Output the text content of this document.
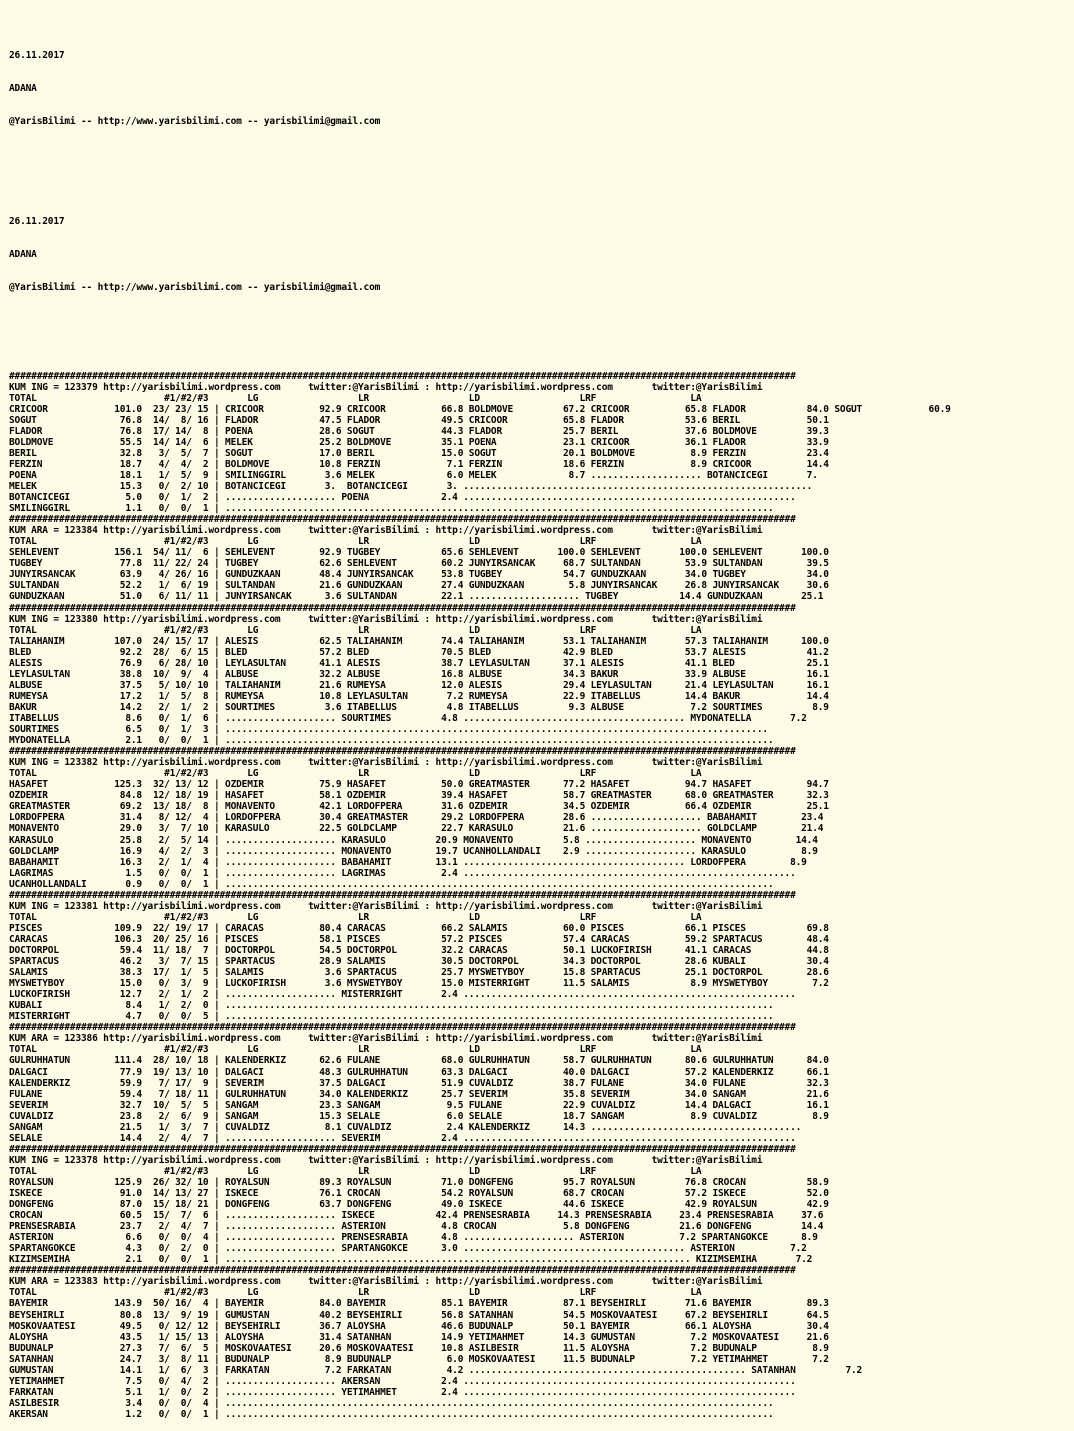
26.11.2017

ADANA

@YarisBilimi -- http://www.yarisbilimi.com -- yarisbilimi@gmail.com

26.11.2017

ADANA

@YarisBilimi -- http://www.yarisbilimi.com -- yarisbilimi@gmail.com

##############################################################################################################################################
KUM ING = 123379 http://yarisbilimi.wordpress.com     twitter:@YarisBilimi : http://yarisbilimi.wordpress.com       twitter:@YarisBilimi
TOTAL                       #1/#2/#3       LG                  LR                  LD                  LRF                 LA
CRICOOR            101.0  23/ 23/ 15 | CRICOOR          92.9 CRICOOR          66.8 BOLDMOVE         67.2 CRICOOR          65.8 FLADOR           84.0 SOGUT            60.9
SOGUT               76.8  14/  8/ 16 | FLADOR           47.5 FLADOR           49.5 CRICOOR          65.8 FLADOR           53.6 BERIL            50.1
FLADOR              76.8  17/ 14/  8 | POENA            28.6 SOGUT            44.3 FLADOR           25.7 BERIL            37.6 BOLDMOVE         39.3
BOLDMOVE            55.5  14/ 14/  6 | MELEK            25.2 BOLDMOVE         35.1 POENA            23.1 CRICOOR          36.1 FLADOR           33.9
BERIL               32.8   3/  5/  7 | SOGUT            17.0 BERIL            15.0 SOGUT            20.1 BOLDMOVE          8.9 FERZIN           23.4
FERZIN              18.7   4/  4/  2 | BOLDMOVE         10.8 FERZIN            7.1 FERZIN           18.6 FERZIN            8.9 CRICOOR          14.4
POENA               18.1   1/  5/  9 | SMILINGGIRL       3.6 MELEK             6.0 MELEK             8.7 .................... BOTANCICEGI       7.
MELEK               15.3   0/  2/ 10 | BOTANCICEGI       3.  BOTANCICEGI       3. ...............................................................
BOTANCICEGI          5.0   0/  1/  2 | .................... POENA             2.4 ............................................................
SMILINGGIRL          1.1   0/  0/  1 | ...................................................................................................
##############################################################################################################################################
KUM ARA = 123384 http://yarisbilimi.wordpress.com     twitter:@YarisBilimi : http://yarisbilimi.wordpress.com       twitter:@YarisBilimi
TOTAL                       #1/#2/#3       LG                  LR                  LD                  LRF                 LA
SEHLEVENT          156.1  54/ 11/  6 | SEHLEVENT        92.9 TUGBEY           65.6 SEHLEVENT       100.0 SEHLEVENT       100.0 SEHLEVENT       100.0
TUGBEY              77.8  11/ 22/ 24 | TUGBEY           62.6 SEHLEVENT        60.2 JUNYIRSANCAK     68.7 SULTANDAN        53.9 SULTANDAN        39.5
JUNYIRSANCAK        63.9   4/ 26/ 16 | GUNDUZKAAN       48.4 JUNYIRSANCAK     53.8 TUGBEY           54.7 GUNDUZKAAN       34.0 TUGBEY           34.0
SULTANDAN           52.2   1/  6/ 19 | SULTANDAN        21.6 GUNDUZKAAN       27.4 GUNDUZKAAN        5.8 JUNYIRSANCAK     26.8 JUNYIRSANCAK     30.6
GUNDUZKAAN          51.0   6/ 11/ 11 | JUNYIRSANCAK      3.6 SULTANDAN        22.1 .................... TUGBEY           14.4 GUNDUZKAAN       25.1
##############################################################################################################################################
KUM ING = 123380 http://yarisbilimi.wordpress.com     twitter:@YarisBilimi : http://yarisbilimi.wordpress.com       twitter:@YarisBilimi
TOTAL                       #1/#2/#3       LG                  LR                  LD                  LRF                 LA
TALIAHANIM         107.0  24/ 15/ 17 | ALESIS           62.5 TALIAHANIM       74.4 TALIAHANIM       53.1 TALIAHANIM       57.3 TALIAHANIM      100.0
BLED                92.2  28/  6/ 15 | BLED             57.2 BLED             70.5 BLED             42.9 BLED             53.7 ALESIS           41.2
ALESIS              76.9   6/ 28/ 10 | LEYLASULTAN      41.1 ALESIS           38.7 LEYLASULTAN      37.1 ALESIS           41.1 BLED             25.1
LEYLASULTAN         38.8  10/  9/  4 | ALBUSE           32.2 ALBUSE           16.8 ALBUSE           34.3 BAKUR            33.9 ALBUSE           16.1
ALBUSE              37.5   5/ 10/ 10 | TALIAHANIM       21.6 RUMEYSA          12.0 ALESIS           29.4 LEYLASULTAN      21.4 LEYLASULTAN      16.1
RUMEYSA             17.2   1/  5/  8 | RUMEYSA          10.8 LEYLASULTAN       7.2 RUMEYSA          22.9 ITABELLUS        14.4 BAKUR            14.4
BAKUR               14.2   2/  1/  2 | SOURTIMES         3.6 ITABELLUS         4.8 ITABELLUS         9.3 ALBUSE            7.2 SOURTIMES         8.9
ITABELLUS            8.6   0/  1/  6 | .................... SOURTIMES         4.8 ........................................ MYDONATELLA       7.2
SOURTIMES            6.5   0/  1/  3 | ..................................................................................................
MYDONATELLA          2.1   0/  0/  1 | ...................................................................................................
##############################################################################################################################################
KUM ING = 123382 http://yarisbilimi.wordpress.com     twitter:@YarisBilimi : http://yarisbilimi.wordpress.com       twitter:@YarisBilimi
TOTAL                       #1/#2/#3       LG                  LR                  LD                  LRF                 LA
HASAFET            125.3  32/ 13/ 12 | OZDEMIR          75.9 HASAFET          50.0 GREATMASTER      77.2 HASAFET          94.7 HASAFET          94.7
OZDEMIR             84.8  12/ 18/ 19 | HASAFET          58.1 OZDEMIR          39.4 HASAFET          58.7 GREATMASTER      68.0 GREATMASTER      32.3
GREATMASTER         69.2  13/ 18/  8 | MONAVENTO        42.1 LORDOFPERA       31.6 OZDEMIR          34.5 OZDEMIR          66.4 OZDEMIR          25.1
LORDOFPERA          31.4   8/ 12/  4 | LORDOFPERA       30.4 GREATMASTER      29.2 LORDOFPERA       28.6 .................... BABAHAMIT        23.4
MONAVENTO           29.0   3/  7/ 10 | KARASULO         22.5 GOLDCLAMP        22.7 KARASULO         21.6 .................... GOLDCLAMP        21.4
KARASULO            25.8   2/  5/ 14 | .................... KARASULO         20.9 MONAVENTO         5.8 .................... MONAVENTO        14.4
GOLDCLAMP           16.9   4/  2/  3 | .................... MONAVENTO        19.7 UCANHOLLANDALI    2.9 .................... KARASULO          8.9
BABAHAMIT           16.3   2/  1/  4 | .................... BABAHAMIT        13.1 ........................................ LORDOFPERA        8.9
LAGRIMAS             1.5   0/  0/  1 | .................... LAGRIMAS          2.4 ............................................................
UCANHOLLANDALI       0.9   0/  0/  1 | ...................................................................................................
##############################################################################################################################################
KUM ING = 123381 http://yarisbilimi.wordpress.com     twitter:@YarisBilimi : http://yarisbilimi.wordpress.com       twitter:@YarisBilimi
TOTAL                       #1/#2/#3       LG                  LR                  LD                  LRF                 LA
PISCES             109.9  22/ 19/ 17 | CARACAS          80.4 CARACAS          66.2 SALAMIS          60.0 PISCES           66.1 PISCES           69.8
CARACAS            106.3  20/ 25/ 16 | PISCES           58.1 PISCES           57.2 PISCES           57.4 CARACAS          59.2 SPARTACUS        48.4
DOCTORPOL           59.4  11/ 18/  7 | DOCTORPOL        54.5 DOCTORPOL        32.2 CARACAS          50.1 LUCKOFIRISH      41.1 CARACAS          44.8
SPARTACUS           46.2   3/  7/ 15 | SPARTACUS        28.9 SALAMIS          30.5 DOCTORPOL        34.3 DOCTORPOL        28.6 KUBALI           30.4
SALAMIS             38.3  17/  1/  5 | SALAMIS           3.6 SPARTACUS        25.7 MYSWETYBOY       15.8 SPARTACUS        25.1 DOCTORPOL        28.6
MYSWETYBOY          15.0   0/  3/  9 | LUCKOFIRISH       3.6 MYSWETYBOY       15.0 MISTERRIGHT      11.5 SALAMIS           8.9 MYSWETYBOY        7.2
LUCKOFIRISH         12.7   2/  1/  2 | .................... MISTERRIGHT       2.4 ............................................................
KUBALI               8.4   1/  2/  0 | ...................................................................................................
MISTERRIGHT          4.7   0/  0/  5 | ...................................................................................................
##############################################################################################################################################
KUM ARA = 123386 http://yarisbilimi.wordpress.com     twitter:@YarisBilimi : http://yarisbilimi.wordpress.com       twitter:@YarisBilimi
TOTAL                       #1/#2/#3       LG                  LR                  LD                  LRF                 LA
GULRUHHATUN        111.4  28/ 10/ 18 | KALENDERKIZ      62.6 FULANE           68.0 GULRUHHATUN      58.7 GULRUHHATUN      80.6 GULRUHHATUN      84.0
DALGACI             77.9  19/ 13/ 10 | DALGACI          48.3 GULRUHHATUN      63.3 DALGACI          40.0 DALGACI          57.2 KALENDERKIZ      66.1
KALENDERKIZ         59.9   7/ 17/  9 | SEVERIM          37.5 DALGACI          51.9 CUVALDIZ         38.7 FULANE           34.0 FULANE           32.3
FULANE              59.4   7/ 18/ 11 | GULRUHHATUN      34.0 KALENDERKIZ      25.7 SEVERIM          35.8 SEVERIM          34.0 SANGAM           21.6
SEVERIM             32.7  10/  5/  5 | SANGAM           23.3 SANGAM            9.5 FULANE           22.9 CUVALDIZ         14.4 DALGACI          16.1
CUVALDIZ            23.8   2/  6/  9 | SANGAM           15.3 SELALE            6.0 SELALE           18.7 SANGAM            8.9 CUVALDIZ          8.9
SANGAM              21.5   1/  3/  7 | CUVALDIZ          8.1 CUVALDIZ          2.4 KALENDERKIZ      14.3 ......................................
SELALE              14.4   2/  4/  7 | .................... SEVERIM           2.4 ............................................................
##############################################################################################################################################
KUM ING = 123378 http://yarisbilimi.wordpress.com     twitter:@YarisBilimi : http://yarisbilimi.wordpress.com       twitter:@YarisBilimi
TOTAL                       #1/#2/#3       LG                  LR                  LD                  LRF                 LA
ROYALSUN           125.9  26/ 32/ 10 | ROYALSUN         89.3 ROYALSUN         71.0 DONGFENG         95.7 ROYALSUN         76.8 CROCAN           58.9
ISKECE              91.0  14/ 13/ 27 | ISKECE           76.1 CROCAN           54.2 ROYALSUN         68.7 CROCAN           57.2 ISKECE           52.0
DONGFENG            87.0  15/ 18/ 21 | DONGFENG         63.7 DONGFENG         49.0 ISKECE           44.6 ISKECE           42.9 ROYALSUN         42.9
CROCAN              60.5  15/  7/  6 | .................... ISKECE           42.4 PRENSESRABIA     14.3 PRENSESRABIA     23.4 PRENSESRABIA     37.6
PRENSESRABIA        23.7   2/  4/  7 | .................... ASTERION          4.8 CROCAN            5.8 DONGFENG         21.6 DONGFENG         14.4
ASTERION             6.6   0/  0/  4 | .................... PRENSESRABIA      4.8 .................... ASTERION          7.2 SPARTANGOKCE      8.9
SPARTANGOKCE         4.3   0/  2/  0 | .................... SPARTANGOKCE      3.0 ........................................ ASTERION          7.2
KIZIMSEMIHA          2.1   0/  0/  1 | .................................................................................... KIZIMSEMIHA       7.2
##############################################################################################################################################
KUM ARA = 123383 http://yarisbilimi.wordpress.com     twitter:@YarisBilimi : http://yarisbilimi.wordpress.com       twitter:@YarisBilimi
TOTAL                       #1/#2/#3       LG                  LR                  LD                  LRF                 LA
BAYEMIR            143.9  50/ 16/  4 | BAYEMIR          84.0 BAYEMIR          85.1 BAYEMIR          87.1 BEYSEHIRLI       71.6 BAYEMIR          89.3
BEYSEHIRLI          80.8  13/  9/ 19 | GUMUSTAN         40.2 BEYSEHIRLI       56.8 SATANHAN         54.5 MOSKOVAATESI     67.2 BEYSEHIRLI       64.5
MOSKOVAATESI        49.5   0/ 12/ 12 | BEYSEHIRLI       36.7 ALOYSHA          46.6 BUDUNALP         50.1 BAYEMIR          66.1 ALOYSHA          30.4
ALOYSHA             43.5   1/ 15/ 13 | ALOYSHA          31.4 SATANHAN         14.9 YETIMAHMET       14.3 GUMUSTAN          7.2 MOSKOVAATESI     21.6
BUDUNALP            27.3   7/  6/  5 | MOSKOVAATESI     20.6 MOSKOVAATESI     10.8 ASILBESIR        11.5 ALOYSHA           7.2 BUDUNALP          8.9
SATANHAN            24.7   3/  8/ 11 | BUDUNALP          8.9 BUDUNALP          6.0 MOSKOVAATESI     11.5 BUDUNALP          7.2 YETIMAHMET        7.2
GUMUSTAN            14.1   1/  6/  3 | FARKATAN          7.2 FARKATAN          4.2 .................................................. SATANHAN         7.2
YETIMAHMET           7.5   0/  4/  2 | .................... AKERSAN           2.4 ............................................................
FARKATAN             5.1   1/  0/  2 | .................... YETIMAHMET        2.4 ............................................................
ASILBESIR            3.4   0/  0/  4 | ...................................................................................................
AKERSAN              1.2   0/  0/  1 | ...................................................................................................
